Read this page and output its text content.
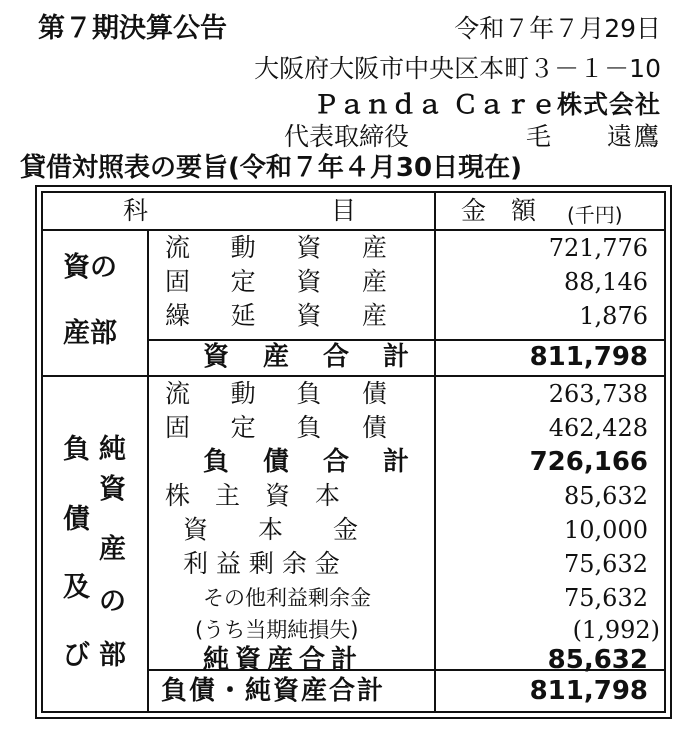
第７期決算公告	令和７年７月29日
大阪府大阪市中央区本町３－１－10
Ｐａｎｄａ Ｃａｒｅ株式会社
代表取締役	毛　　遠鷹
貸借対照表の要旨(令和７年４月30日現在)
科	目	金　額 (千円)
資の
産部
流 動 資 産	721,776
固 定 資 産	88,146
繰 延 資 産	1,876
資 産 合 計	811,798
負
債
及
び
純
資
産
の
部
流 動 負 債	263,738
固 定 負 債	462,428
負 債 合 計	726,166
株　主　資　本	85,632
資　　本　　金	10,000
利 益 剰 余 金	75,632
その他利益剰余金	75,632
(うち当期純損失)	(1,992)
純資産合計	85,632
負債・純資産合計	811,798
